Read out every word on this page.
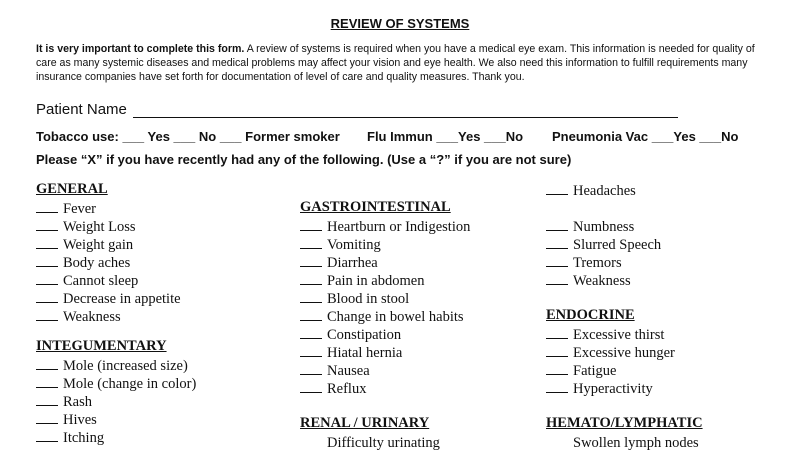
REVIEW OF SYSTEMS
It is very important to complete this form. A review of systems is required when you have a medical eye exam. This information is needed for quality of care as many systemic diseases and medical problems may affect your vision and eye health. We also need this information to fulfill requirements many insurance companies have set forth for documentation of level of care and quality measures. Thank you.
Patient Name
Tobacco use: ___ Yes ___ No ___ Former smoker Flu Immun ___Yes ___No Pneumonia Vac ___Yes ___No
Please “X” if you have recently had any of the following. (Use a “?” if you are not sure)
GENERAL
Fever
Weight Loss
Weight gain
Body aches
Cannot sleep
Decrease in appetite
Weakness
INTEGUMENTARY
Mole (increased size)
Mole (change in color)
Rash
Hives
Itching
GASTROINTESTINAL
Heartburn or Indigestion
Vomiting
Diarrhea
Pain in abdomen
Blood in stool
Change in bowel habits
Constipation
Hiatal hernia
Nausea
Reflux
RENAL / URINARY
Difficulty urinating
Headaches
Numbness
Slurred Speech
Tremors
Weakness
ENDOCRINE
Excessive thirst
Excessive hunger
Fatigue
Hyperactivity
HEMATO/LYMPHATIC
Swollen lymph nodes
